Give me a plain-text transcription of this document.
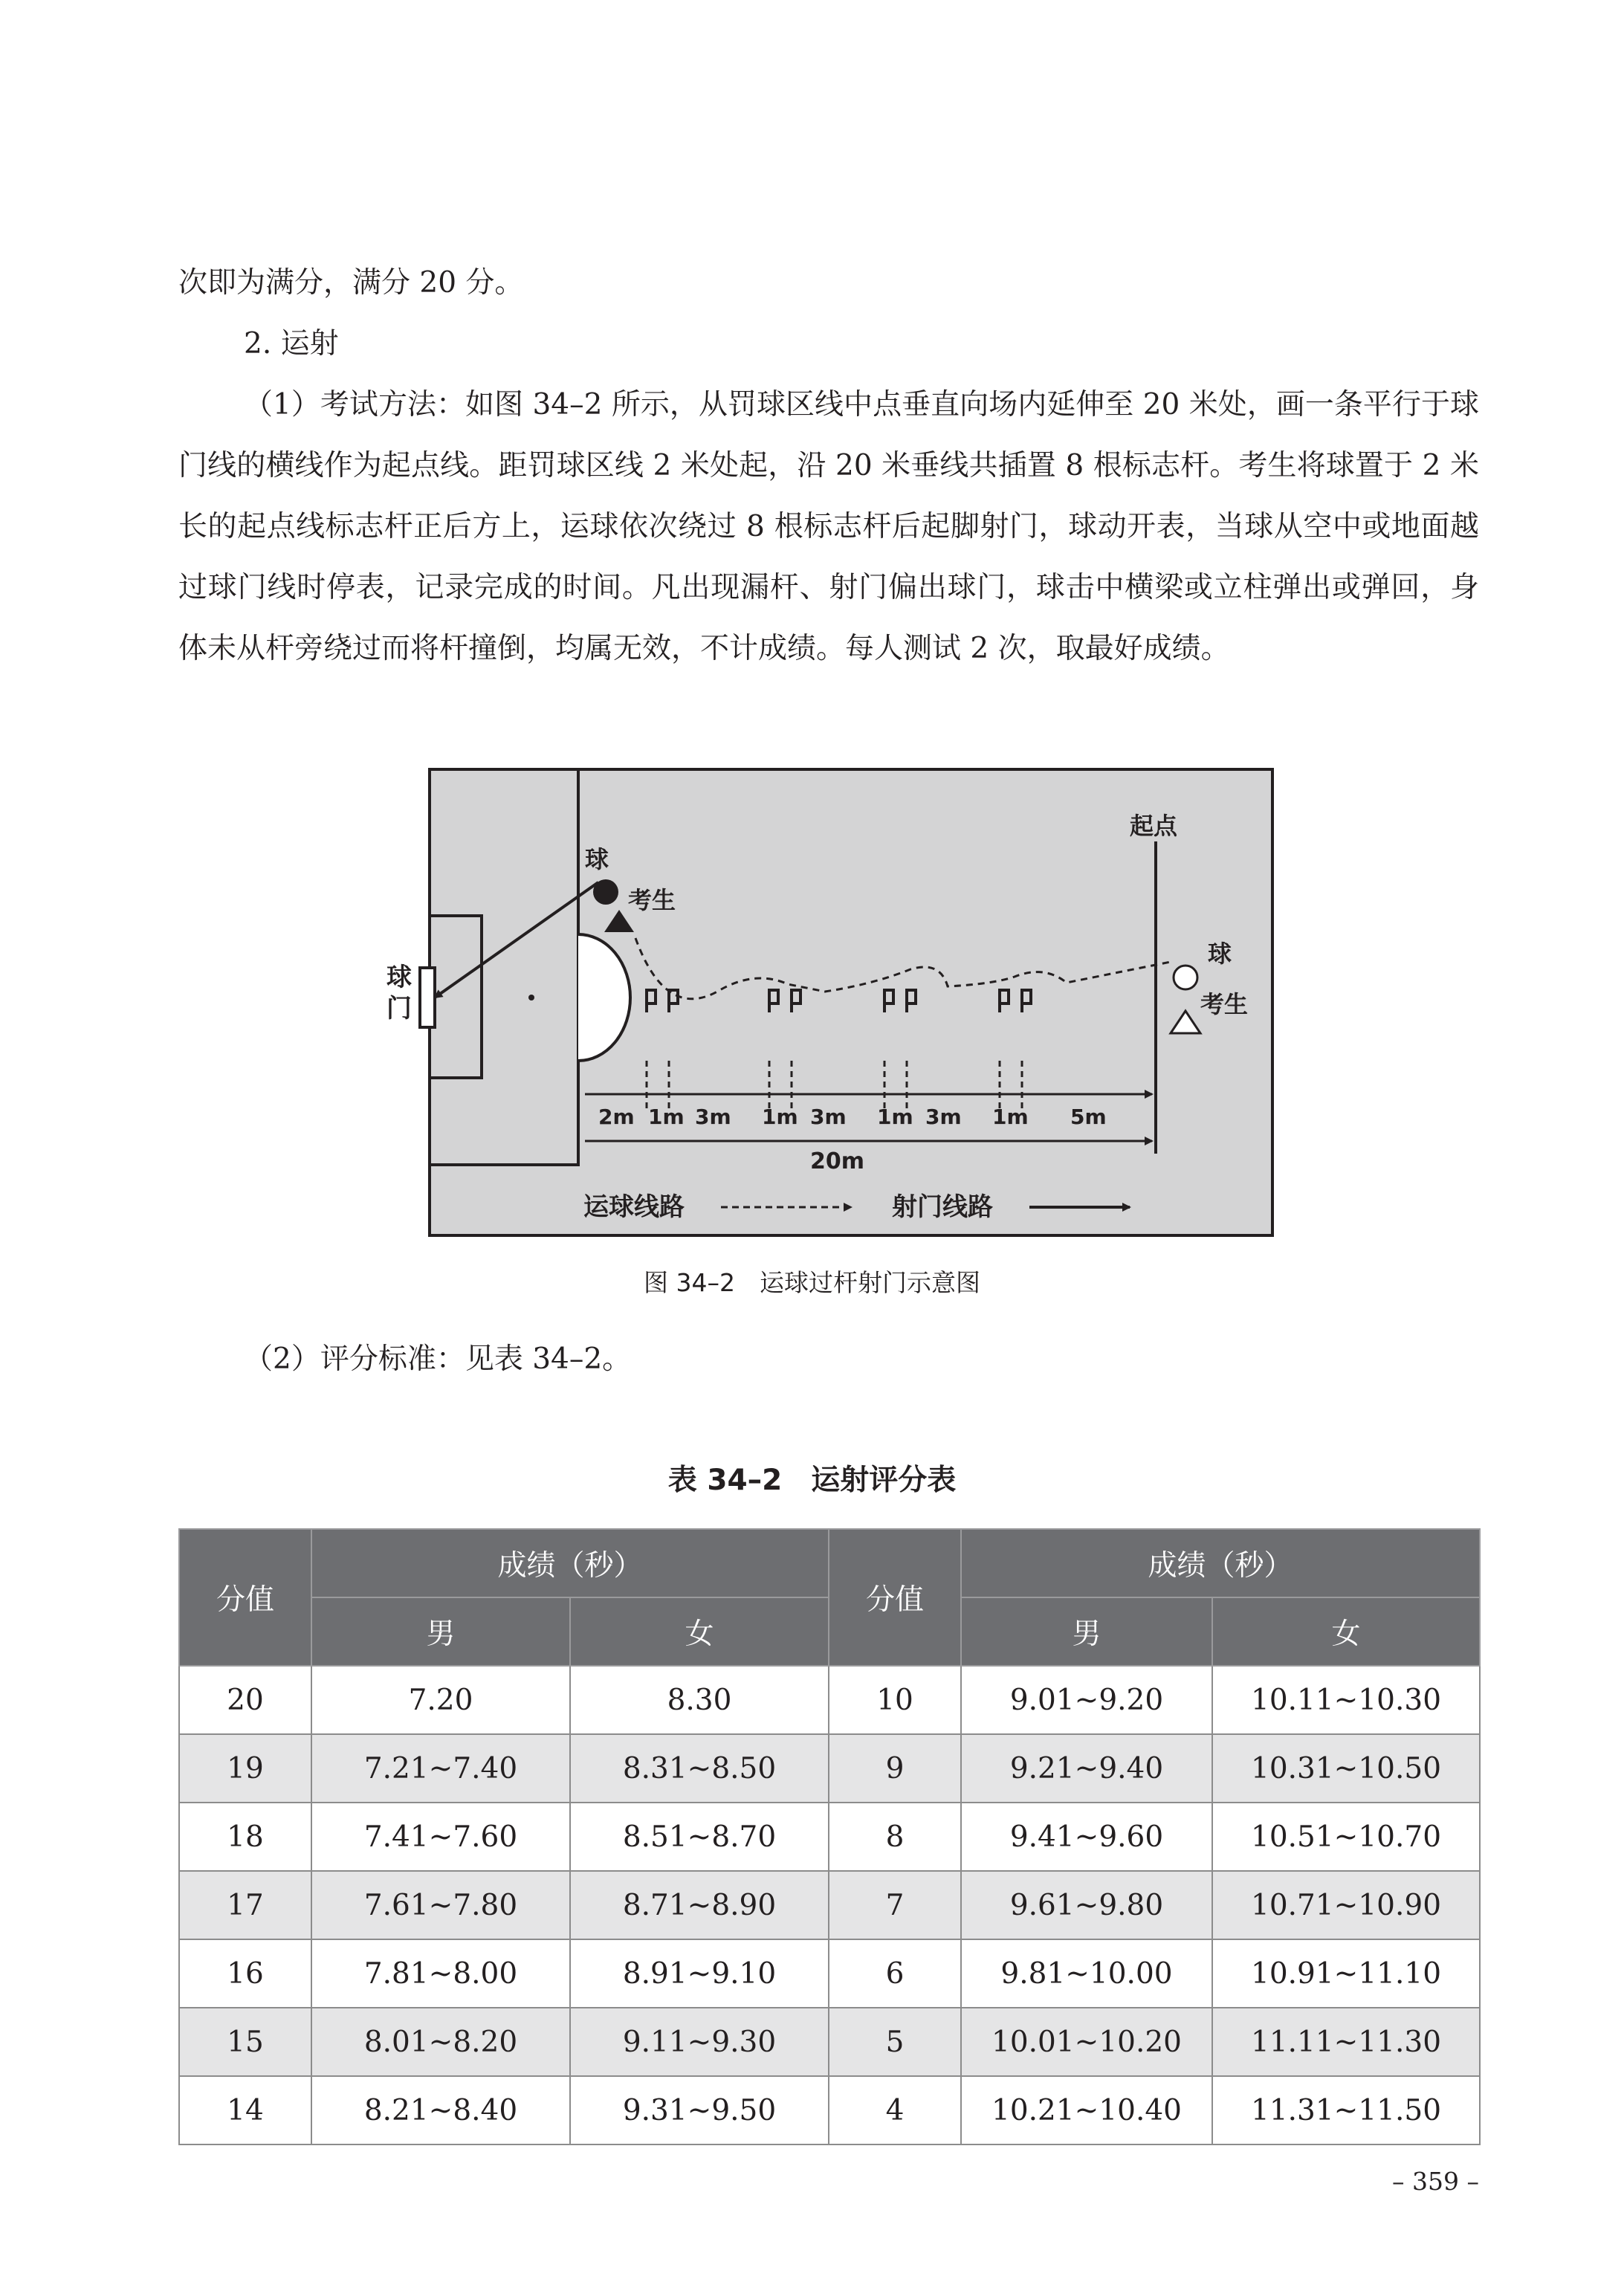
次即为满分，满分 20 分。

2. 运射

（1）考试方法：如图 34–2 所示，从罚球区线中点垂直向场内延伸至 20 米处，画一条平行于球门线的横线作为起点线。距罚球区线 2 米处起，沿 20 米垂线共插置 8 根标志杆。考生将球置于 2 米长的起点线标志杆正后方上，运球依次绕过 8 根标志杆后起脚射门，球动开表，当球从空中或地面越过球门线时停表，记录完成的时间。凡出现漏杆、射门偏出球门，球击中横梁或立柱弹出或弹回，身体未从杆旁绕过而将杆撞倒，均属无效，不计成绩。每人测试 2 次，取最好成绩。

球 门
球
考生
起点
球
考生
2m 1m 3m 1m 3m 1m 3m 1m 5m
20m
运球线路	射门线路
图 34–2　运球过杆射门示意图

（2）评分标准：见表 34–2。

表 34–2　运射评分表
分值	成绩（秒）		分值	成绩（秒）	
	男	女		男	女
20	7.20	8.30	10	9.01~9.20	10.11~10.30
19	7.21~7.40	8.31~8.50	9	9.21~9.40	10.31~10.50
18	7.41~7.60	8.51~8.70	8	9.41~9.60	10.51~10.70
17	7.61~7.80	8.71~8.90	7	9.61~9.80	10.71~10.90
16	7.81~8.00	8.91~9.10	6	9.81~10.00	10.91~11.10
15	8.01~8.20	9.11~9.30	5	10.01~10.20	11.11~11.30
14	8.21~8.40	9.31~9.50	4	10.21~10.40	11.31~11.50
– 359 –
